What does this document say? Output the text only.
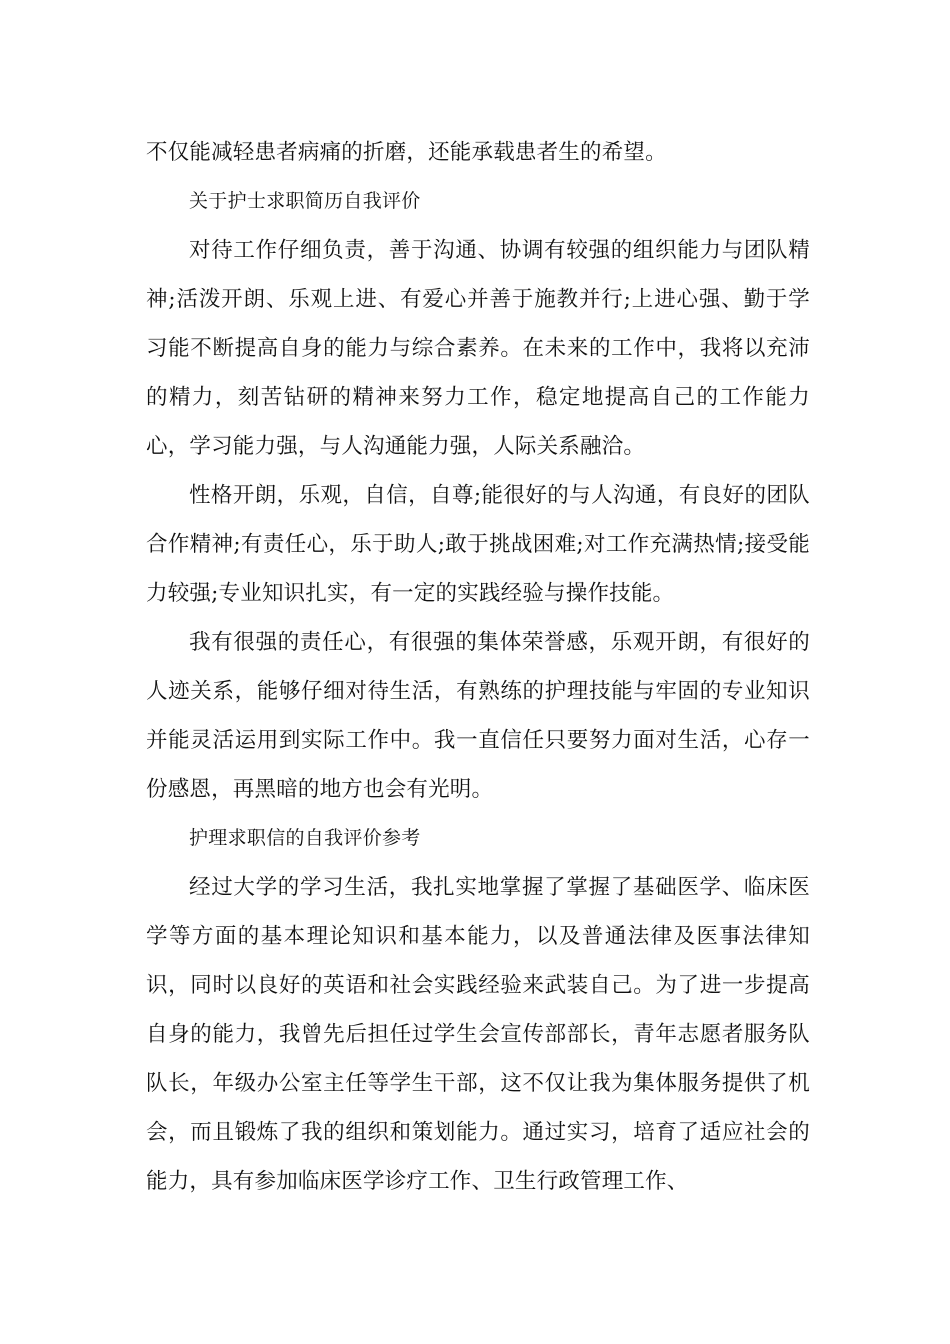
不仅能减轻患者病痛的折磨，还能承载患者生的希望。

关于护士求职简历自我评价

对待工作仔细负责，善于沟通、协调有较强的组织能力与团队精神;活泼开朗、乐观上进、有爱心并善于施教并行;上进心强、勤于学习能不断提高自身的能力与综合素养。在未来的工作中，我将以充沛的精力，刻苦钻研的精神来努力工作，稳定地提高自己的工作能力心，学习能力强，与人沟通能力强，人际关系融洽。

性格开朗，乐观，自信，自尊;能很好的与人沟通，有良好的团队合作精神;有责任心，乐于助人;敢于挑战困难;对工作充满热情;接受能力较强;专业知识扎实，有一定的实践经验与操作技能。

我有很强的责任心，有很强的集体荣誉感，乐观开朗，有很好的人迹关系，能够仔细对待生活，有熟练的护理技能与牢固的专业知识并能灵活运用到实际工作中。我一直信任只要努力面对生活，心存一份感恩，再黑暗的地方也会有光明。

护理求职信的自我评价参考

经过大学的学习生活，我扎实地掌握了掌握了基础医学、临床医学等方面的基本理论知识和基本能力，以及普通法律及医事法律知识，同时以良好的英语和社会实践经验来武装自己。为了进一步提高自身的能力，我曾先后担任过学生会宣传部部长，青年志愿者服务队队长，年级办公室主任等学生干部，这不仅让我为集体服务提供了机会，而且锻炼了我的组织和策划能力。通过实习，培育了适应社会的能力，具有参加临床医学诊疗工作、卫生行政管理工作、
